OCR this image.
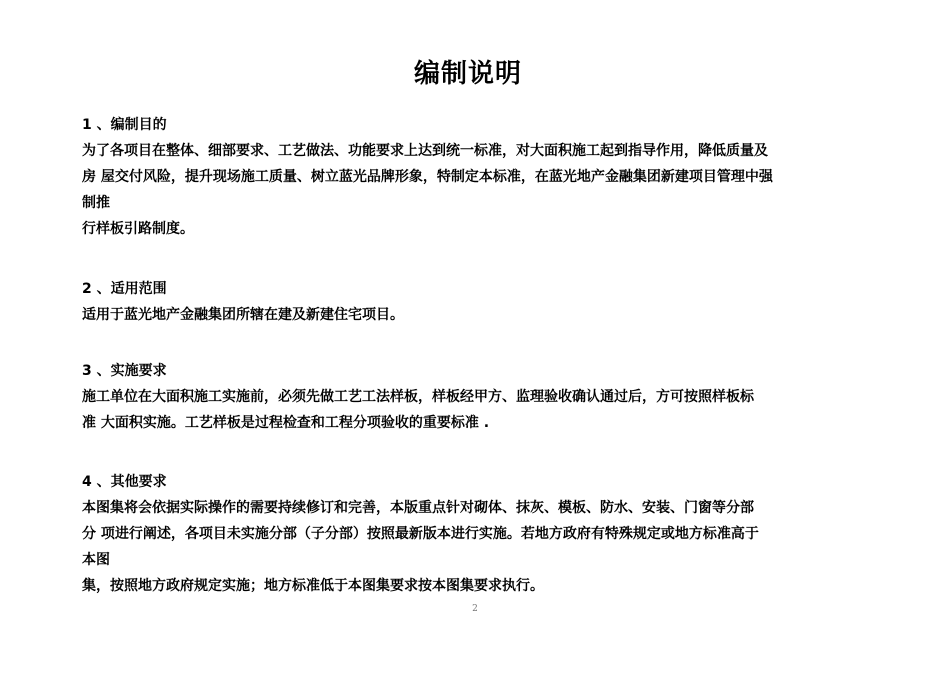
编制说明
1 、编制目的
为了各项目在整体、细部要求、工艺做法、功能要求上达到统一标准，对大面积施工起到指导作用，降低质量及
房 屋交付风险，提升现场施工质量、树立蓝光品牌形象，特制定本标准，在蓝光地产金融集团新建项目管理中强
制推
行样板引路制度。
2 、适用范围
适用于蓝光地产金融集团所辖在建及新建住宅项目。
3 、实施要求
施工单位在大面积施工实施前，必须先做工艺工法样板，样板经甲方、监理验收确认通过后，方可按照样板标
准 大面积实施。工艺样板是过程检查和工程分项验收的重要标准 .
4 、其他要求
本图集将会依据实际操作的需要持续修订和完善，本版重点针对砌体、抹灰、模板、防水、安装、门窗等分部
分 项进行阐述，各项目未实施分部（子分部）按照最新版本进行实施。若地方政府有特殊规定或地方标准高于
本图
集，按照地方政府规定实施；地方标准低于本图集要求按本图集要求执行。
2
